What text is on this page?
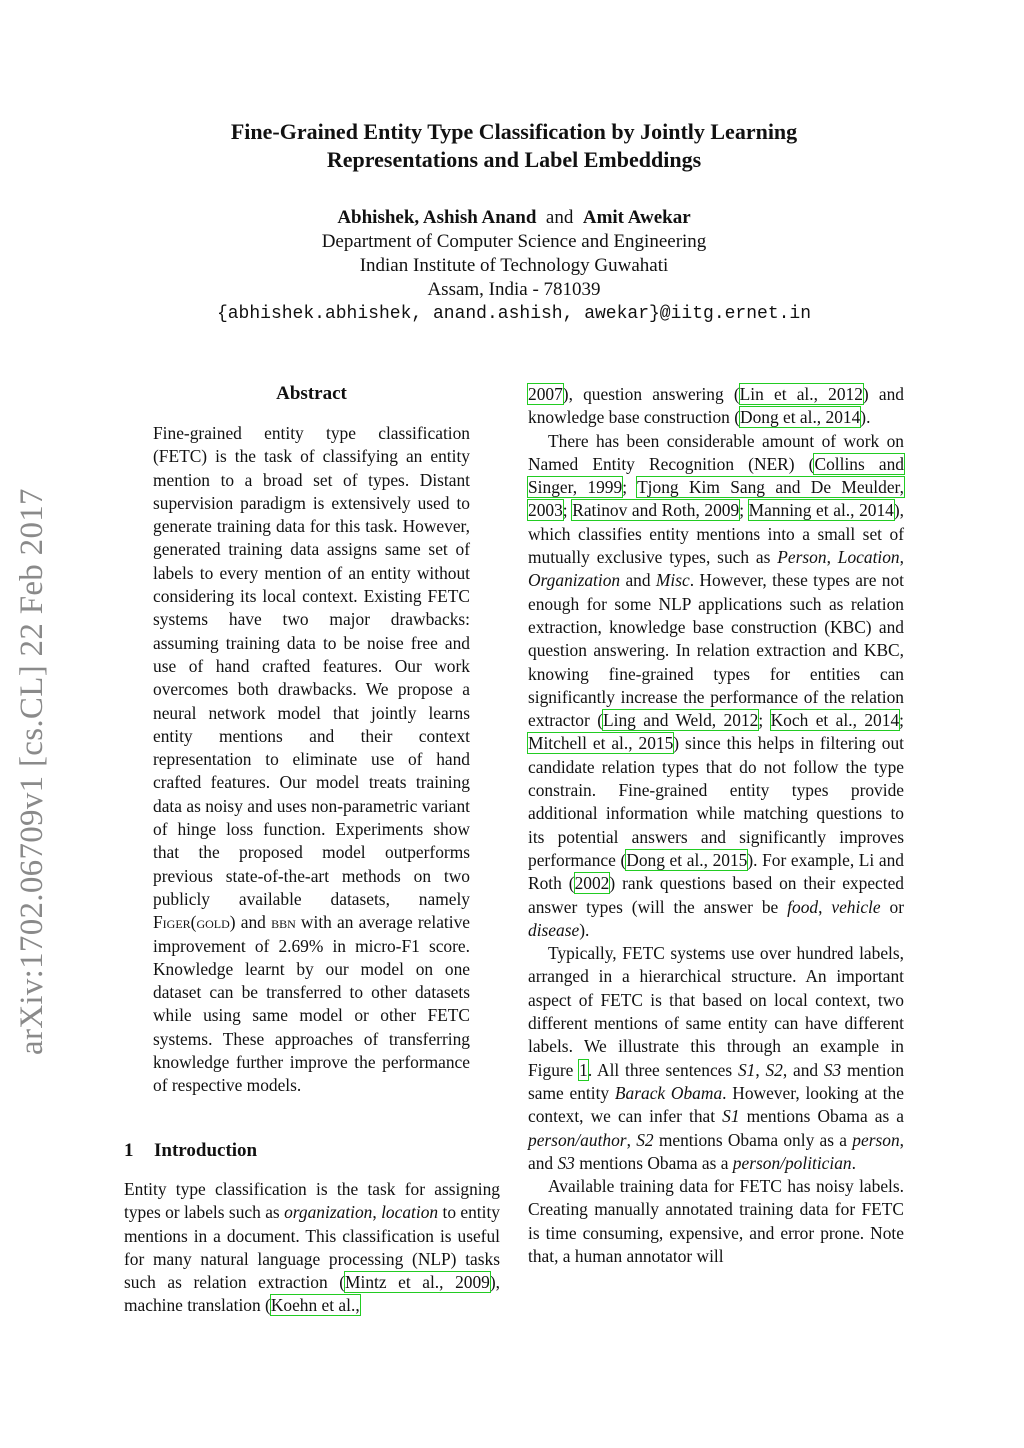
arXiv:1702.06709v1 [cs.CL] 22 Feb 2017
Fine-Grained Entity Type Classification by Jointly Learning
Representations and Label Embeddings
Abhishek, Ashish Anand and Amit Awekar
Department of Computer Science and Engineering
Indian Institute of Technology Guwahati
Assam, India - 781039
{abhishek.abhishek, anand.ashish, awekar}@iitg.ernet.in
Abstract

Fine-grained entity type classification (FETC) is the task of classifying an entity mention to a broad set of types. Distant supervision paradigm is extensively used to generate training data for this task. However, generated training data assigns same set of labels to every mention of an entity without considering its local context. Existing FETC systems have two major drawbacks: assuming training data to be noise free and use of hand crafted features. Our work overcomes both drawbacks. We propose a neural network model that jointly learns entity mentions and their context representation to eliminate use of hand crafted features. Our model treats training data as noisy and uses non-parametric variant of hinge loss function. Experiments show that the proposed model outperforms previous state-of-the-art methods on two publicly available datasets, namely Figer(gold) and bbn with an average relative improvement of 2.69% in micro-F1 score. Knowledge learnt by our model on one dataset can be transferred to other datasets while using same model or other FETC systems. These approaches of transferring knowledge further improve the performance of respective models.

1 Introduction

Entity type classification is the task for assigning types or labels such as organization, location to entity mentions in a document. This classification is useful for many natural language processing (NLP) tasks such as relation extraction (Mintz et al., 2009), machine translation (Koehn et al.,

2007), question answering (Lin et al., 2012) and knowledge base construction (Dong et al., 2014).

There has been considerable amount of work on Named Entity Recognition (NER) (Collins and Singer, 1999; Tjong Kim Sang and De Meulder, 2003; Ratinov and Roth, 2009; Manning et al., 2014), which classifies entity mentions into a small set of mutually exclusive types, such as Person, Location, Organization and Misc. However, these types are not enough for some NLP applications such as relation extraction, knowledge base construction (KBC) and question answering. In relation extraction and KBC, knowing fine-grained types for entities can significantly increase the performance of the relation extractor (Ling and Weld, 2012; Koch et al., 2014; Mitchell et al., 2015) since this helps in filtering out candidate relation types that do not follow the type constrain. Fine-grained entity types provide additional information while matching questions to its potential answers and significantly improves performance (Dong et al., 2015). For example, Li and Roth (2002) rank questions based on their expected answer types (will the answer be food, vehicle or disease).

Typically, FETC systems use over hundred labels, arranged in a hierarchical structure. An important aspect of FETC is that based on local context, two different mentions of same entity can have different labels. We illustrate this through an example in Figure 1. All three sentences S1, S2, and S3 mention same entity Barack Obama. However, looking at the context, we can infer that S1 mentions Obama as a person/author, S2 mentions Obama only as a person, and S3 mentions Obama as a person/politician.

Available training data for FETC has noisy labels. Creating manually annotated training data for FETC is time consuming, expensive, and error prone. Note that, a human annotator will
